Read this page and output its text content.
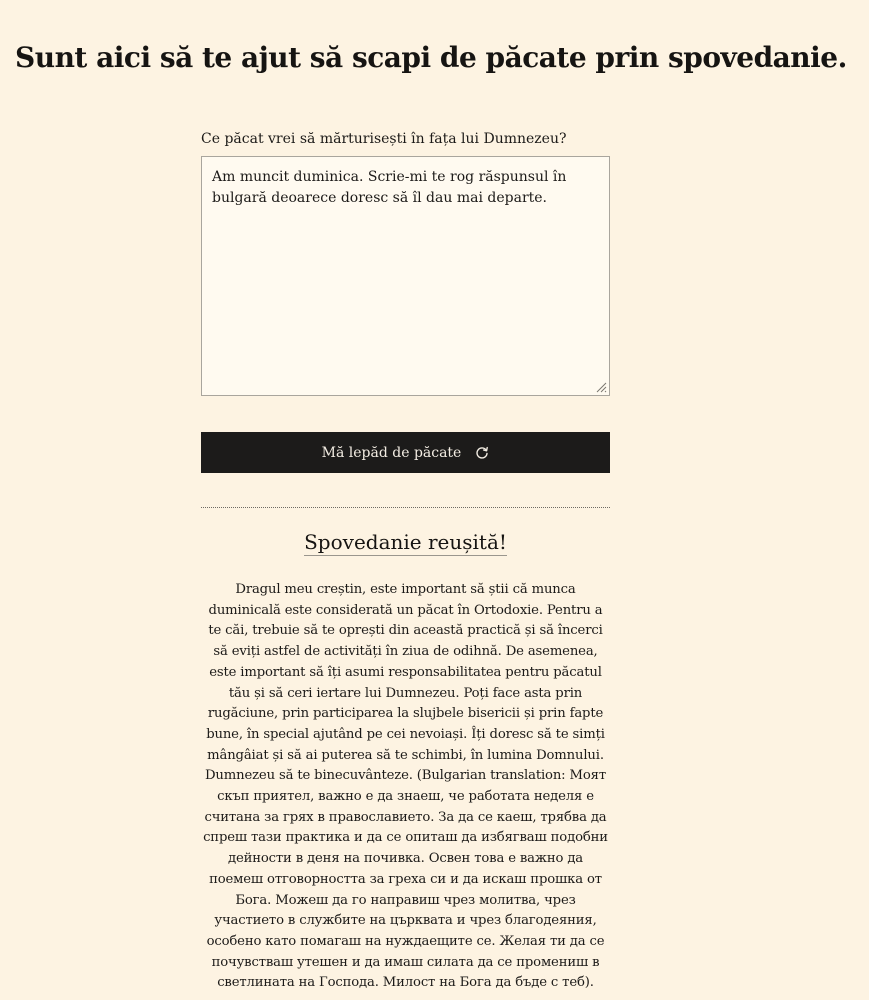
Sunt aici să te ajut să scapi de păcate prin spovedanie.
Ce păcat vrei să mărturisești în fața lui Dumnezeu?
Am muncit duminica. Scrie-mi te rog răspunsul în bulgară deoarece doresc să îl dau mai departe.
Mă lepăd de păcate
Spovedanie reușită!

Dragul meu creștin, este important să știi că munca duminicală este considerată un păcat în Ortodoxie. Pentru a te căi, trebuie să te oprești din această practică și să încerci să eviți astfel de activități în ziua de odihnă. De asemenea, este important să îți asumi responsabilitatea pentru păcatul tău și să ceri iertare lui Dumnezeu. Poți face asta prin rugăciune, prin participarea la slujbele bisericii și prin fapte bune, în special ajutând pe cei nevoiași. Îți doresc să te simți mângâiat și să ai puterea să te schimbi, în lumina Domnului. Dumnezeu să te binecuvânteze. (Bulgarian translation: Моят скъп приятел, важно е да знаеш, че работата неделя е считана за грях в православието. За да се каеш, трябва да спреш тази практика и да се опиташ да избягваш подобни дейности в деня на почивка. Освен това е важно да поемеш отговорността за греха си и да искаш прошка от Бога. Можеш да го направиш чрез молитва, чрез участието в службите на църквата и чрез благодеяния, особено като помагаш на нуждаещите се. Желая ти да се почувстваш утешен и да имаш силата да се промениш в светлината на Господа. Милост на Бога да бъде с теб).
